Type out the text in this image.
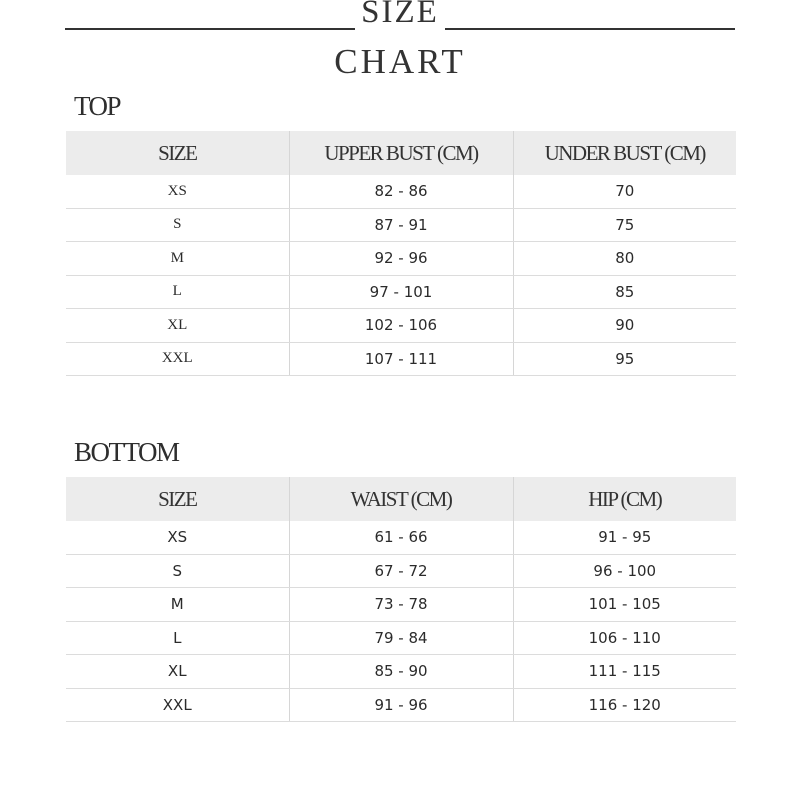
SIZE
CHART
TOP
SIZE	UPPER BUST (CM)	UNDER BUST (CM)
XS	82 - 86	70
S	87 - 91	75
M	92 - 96	80
L	97 - 101	85
XL	102 - 106	90
XXL	107 - 111	95
BOTTOM
SIZE	WAIST (CM)	HIP (CM)
XS	61 - 66	91 - 95
S	67 - 72	96 - 100
M	73 - 78	101 - 105
L	79 - 84	106 - 110
XL	85 - 90	111 - 115
XXL	91 - 96	116 - 120
